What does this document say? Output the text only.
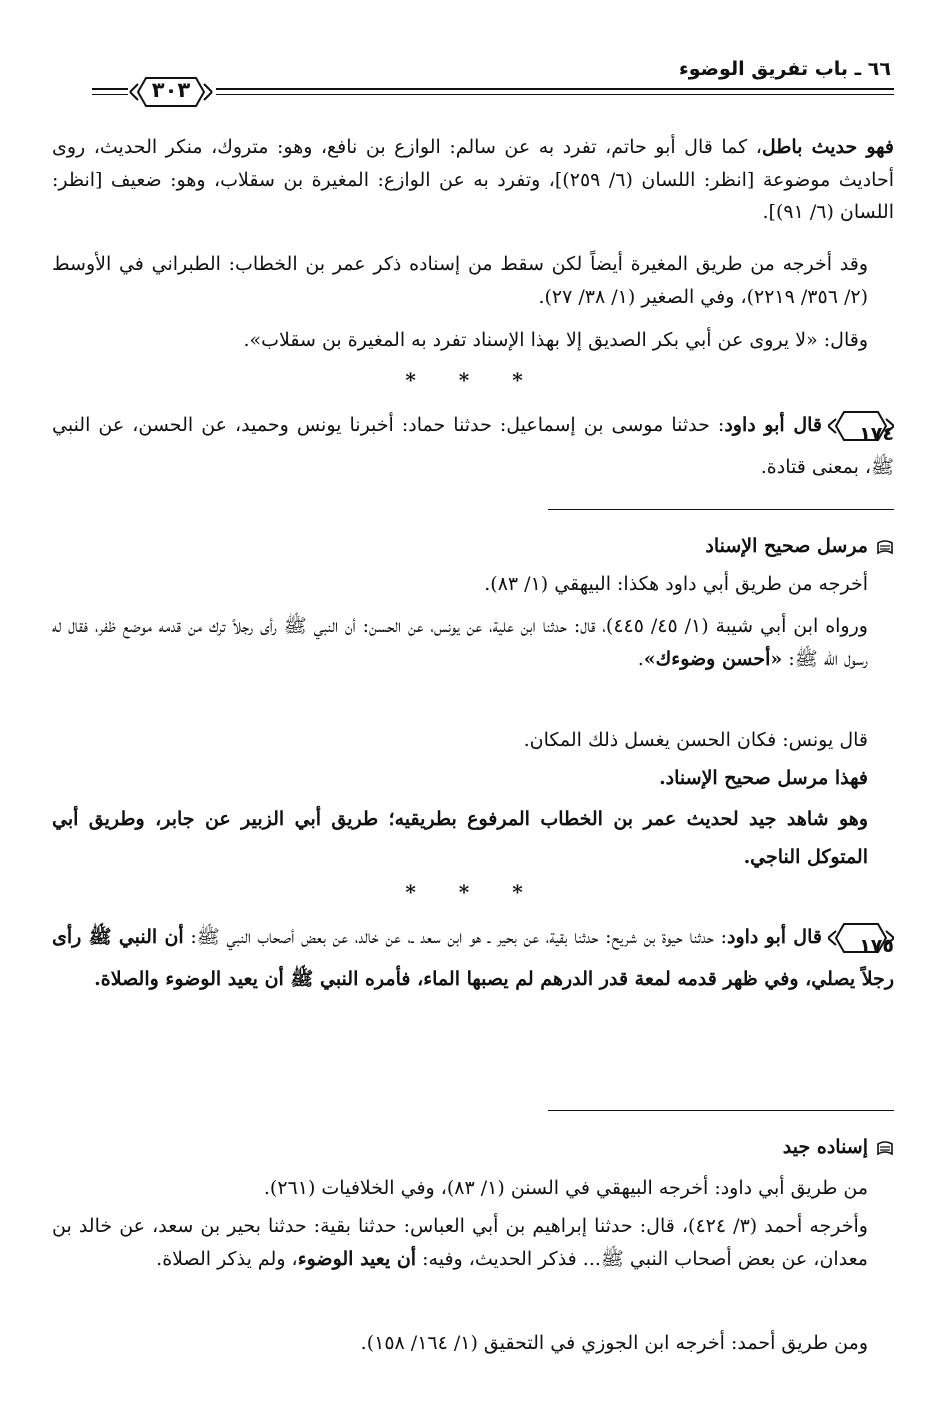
٦٦ ـ باب تفريق الوضوء
٣٠٣

فهو حديث باطل، كما قال أبو حاتم، تفرد به عن سالم: الوازع بن نافع، وهو: متروك، منكر الحديث، روى أحاديث موضوعة [انظر: اللسان (٦/ ٢٥٩)]، وتفرد به عن الوازع: المغيرة بن سقلاب، وهو: ضعيف [انظر: اللسان (٦/ ٩١)].

وقد أخرجه من طريق المغيرة أيضاً لكن سقط من إسناده ذكر عمر بن الخطاب: الطبراني في الأوسط (٢/ ٣٥٦/ ٢٢١٩)، وفي الصغير (١/ ٣٨/ ٢٧).

وقال: «لا يروى عن أبي بكر الصديق إلا بهذا الإسناد تفرد به المغيرة بن سقلاب».

* * *

١٧٤
قال أبو داود: حدثنا موسى بن إسماعيل: حدثنا حماد: أخبرنا يونس وحميد، عن الحسن، عن النبي ﷺ، بمعنى قتادة.

مرسل صحيح الإسناد

أخرجه من طريق أبي داود هكذا: البيهقي (١/ ٨٣).

ورواه ابن أبي شيبة (١/ ٤٥/ ٤٤٥)، قال: حدثنا ابن علية، عن يونس، عن الحسن: أن النبي ﷺ رأى رجلاً ترك من قدمه موضع ظفر، فقال له رسول الله ﷺ: «أحسن وضوءك».

قال يونس: فكان الحسن يغسل ذلك المكان.

فهذا مرسل صحيح الإسناد.

وهو شاهد جيد لحديث عمر بن الخطاب المرفوع بطريقيه؛ طريق أبي الزبير عن جابر، وطريق أبي المتوكل الناجي.

* * *

١٧٥
قال أبو داود: حدثنا حيوة بن شريح: حدثنا بقية، عن بحير ـ هو ابن سعد ـ، عن خالد، عن بعض أصحاب النبي ﷺ: أن النبي ﷺ رأى رجلاً يصلي، وفي ظهر قدمه لمعة قدر الدرهم لم يصبها الماء، فأمره النبي ﷺ أن يعيد الوضوء والصلاة.

إسناده جيد

من طريق أبي داود: أخرجه البيهقي في السنن (١/ ٨٣)، وفي الخلافيات (٢٦١).

وأخرجه أحمد (٣/ ٤٢٤)، قال: حدثنا إبراهيم بن أبي العباس: حدثنا بقية: حدثنا بحير بن سعد، عن خالد بن معدان، عن بعض أصحاب النبي ﷺ... فذكر الحديث، وفيه: أن يعيد الوضوء، ولم يذكر الصلاة.

ومن طريق أحمد: أخرجه ابن الجوزي في التحقيق (١/ ١٦٤/ ١٥٨).
